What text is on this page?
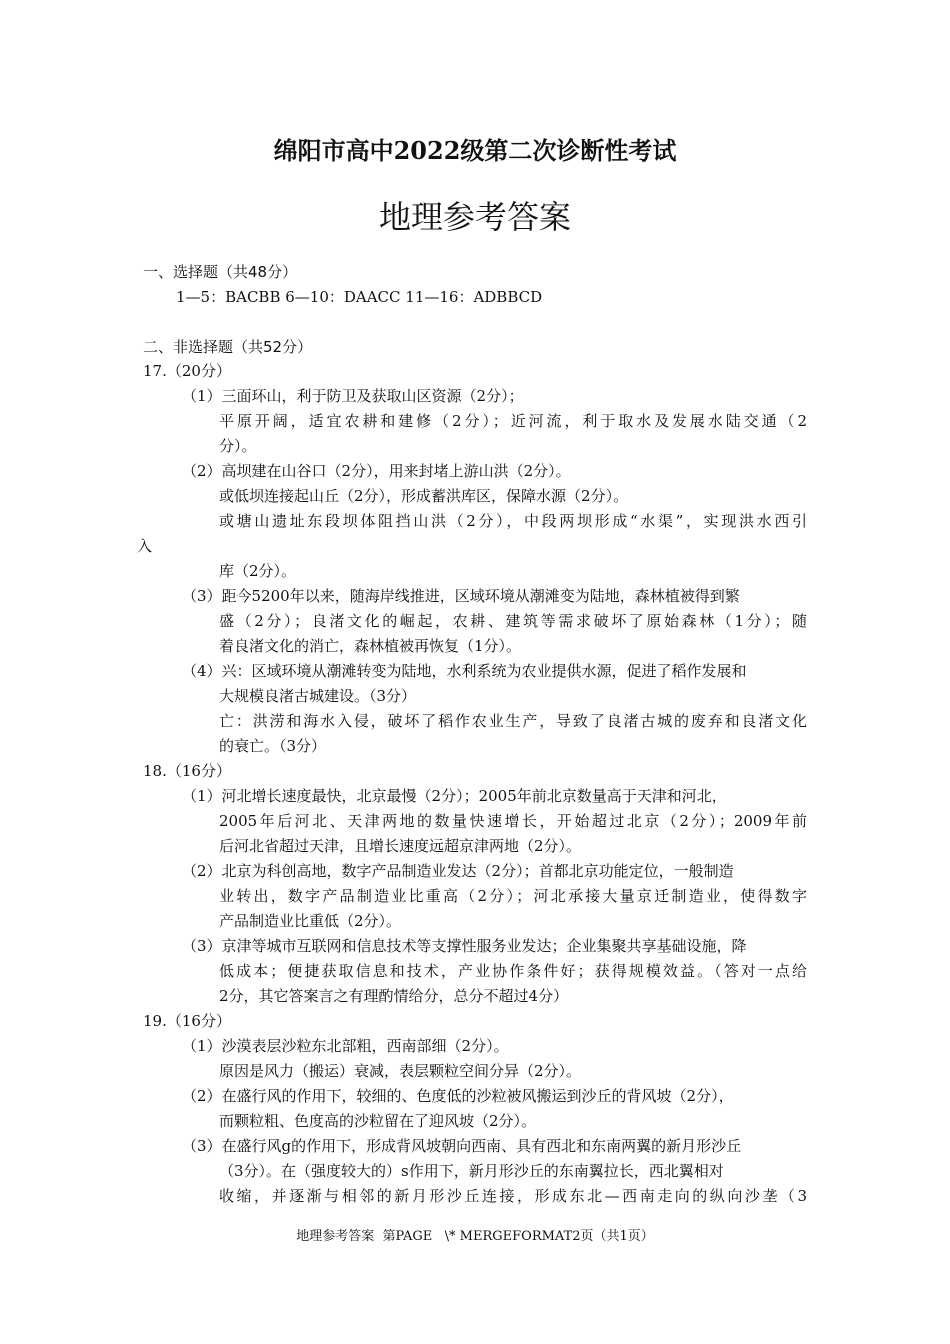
绵阳市高中2022级第二次诊断性考试
地理参考答案
一、选择题（共48分）
1—5：BACBB 6—10：DAACC 11—16：ADBBCD
二、非选择题（共52分）
17.（20分）
（1）三面环山，利于防卫及获取山区资源（2分）；
平原开阔，适宜农耕和建修（2分）；近河流，利于取水及发展水陆交通（2
分）。
（2）高坝建在山谷口（2分），用来封堵上游山洪（2分）。
或低坝连接起山丘（2分），形成蓄洪库区，保障水源（2分）。
或塘山遗址东段坝体阻挡山洪（2分），中段两坝形成“水渠”，实现洪水西引
入
库（2分）。
（3）距今5200年以来，随海岸线推进，区域环境从潮滩变为陆地，森林植被得到繁
盛（2分）；良渚文化的崛起，农耕、建筑等需求破坏了原始森林（1分）；随
着良渚文化的消亡，森林植被再恢复（1分）。
（4）兴：区域环境从潮滩转变为陆地，水利系统为农业提供水源，促进了稻作发展和
大规模良渚古城建设。（3分）
亡：洪涝和海水入侵，破坏了稻作农业生产，导致了良渚古城的废弃和良渚文化
的衰亡。（3分）
18.（16分）
（1）河北增长速度最快，北京最慢（2分）；2005年前北京数量高于天津和河北，
2005年后河北、天津两地的数量快速增长，开始超过北京（2分）；2009年前
后河北省超过天津，且增长速度远超京津两地（2分）。
（2）北京为科创高地，数字产品制造业发达（2分）；首都北京功能定位，一般制造
业转出，数字产品制造业比重高（2分）；河北承接大量京迁制造业，使得数字
产品制造业比重低（2分）。
（3）京津等城市互联网和信息技术等支撑性服务业发达；企业集聚共享基础设施，降
低成本；便捷获取信息和技术，产业协作条件好；获得规模效益。（答对一点给
2分，其它答案言之有理酌情给分，总分不超过4分）
19.（16分）
（1）沙漠表层沙粒东北部粗，西南部细（2分）。
原因是风力（搬运）衰减，表层颗粒空间分异（2分）。
（2）在盛行风的作用下，较细的、色度低的沙粒被风搬运到沙丘的背风坡（2分），
而颗粒粗、色度高的沙粒留在了迎风坡（2分）。
（3）在盛行风g的作用下，形成背风坡朝向西南、具有西北和东南两翼的新月形沙丘
（3分）。在（强度较大的）s作用下，新月形沙丘的东南翼拉长，西北翼相对
收缩，并逐渐与相邻的新月形沙丘连接，形成东北—西南走向的纵向沙垄（3
地理参考答案  第PAGE   \* MERGEFORMAT2页（共1页）
